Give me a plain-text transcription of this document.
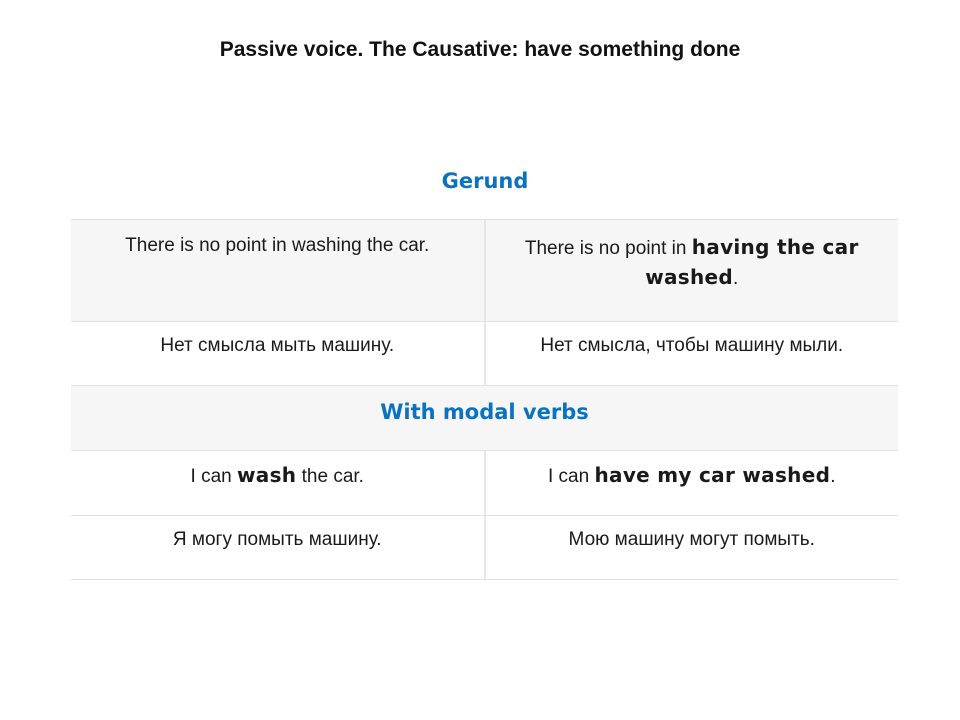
Passive voice. The Causative: have something done
Gerund
There is no point in washing the car.	There is no point in having the car washed.
Нет смысла мыть машину.	Нет смысла, чтобы машину мыли.
With modal verbs
I can wash the car.	I can have my car washed.
Я могу помыть машину.	Мою машину могут помыть.
